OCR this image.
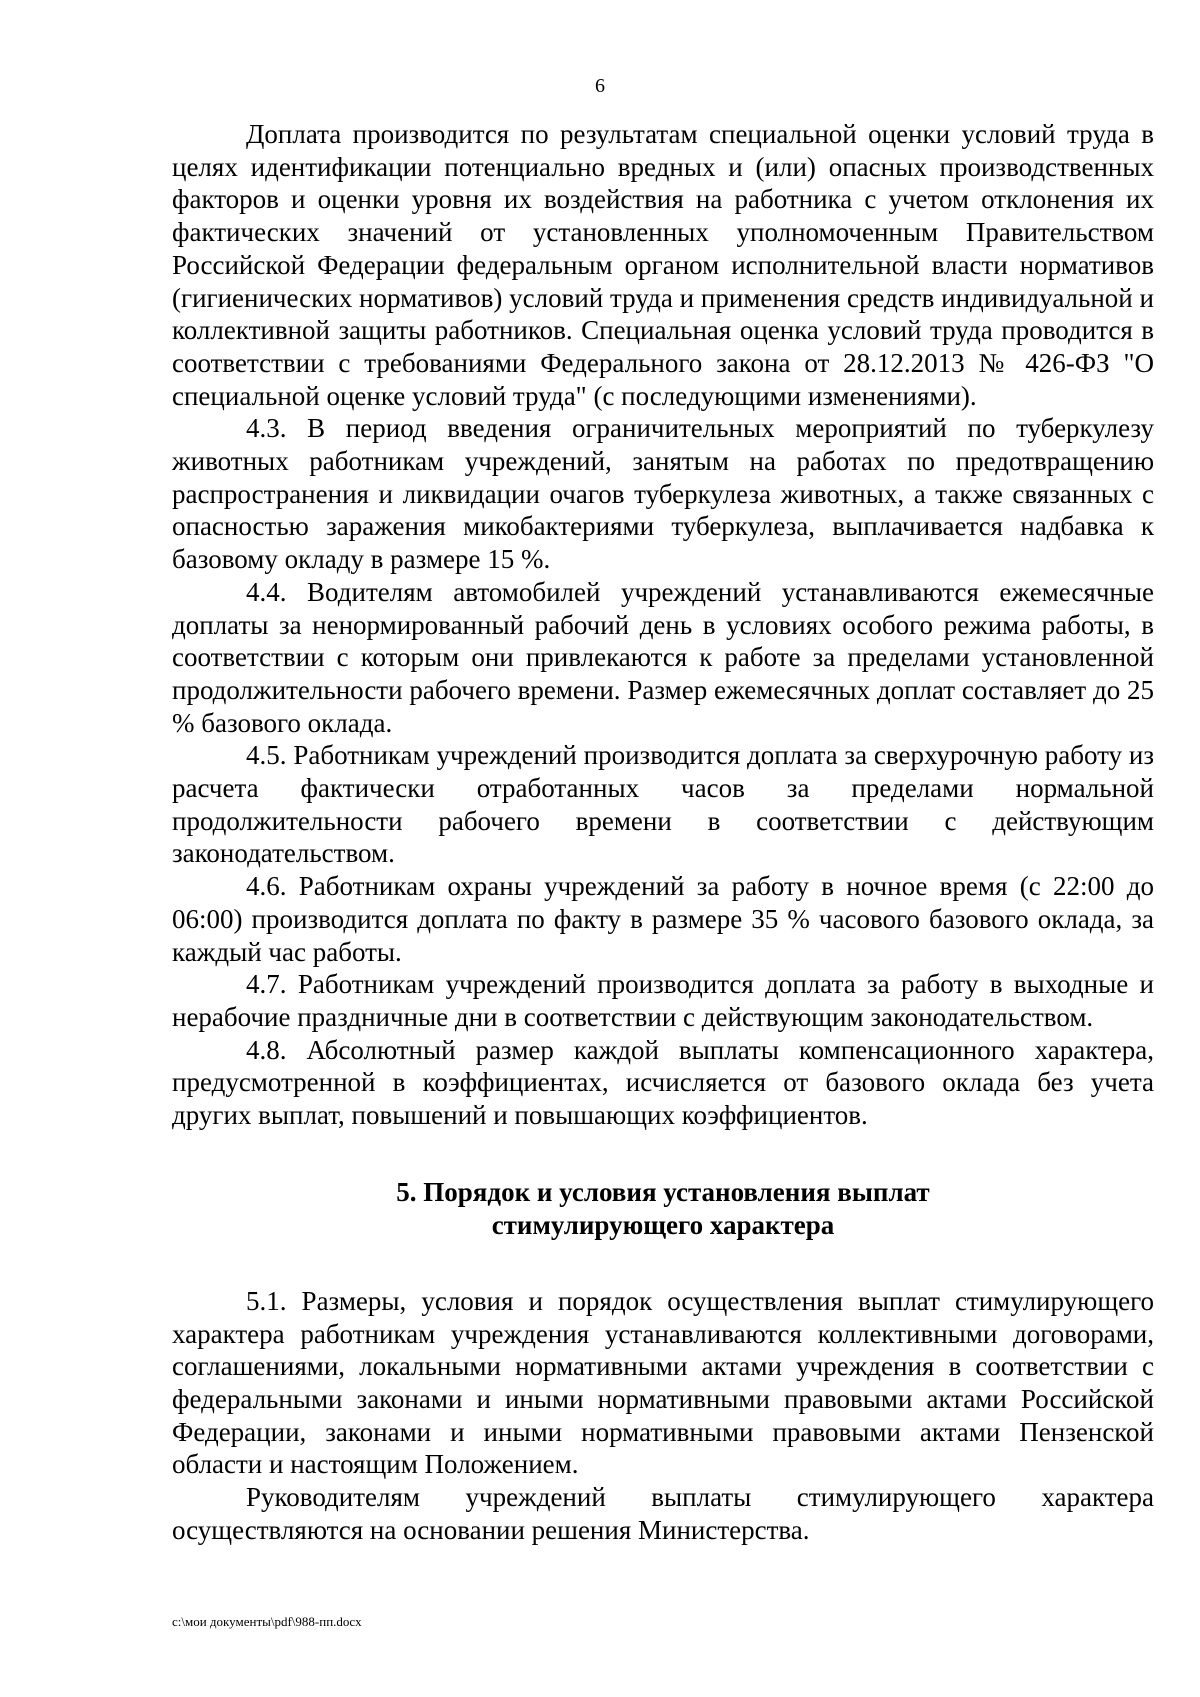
6

Доплата производится по результатам специальной оценки условий труда в целях идентификации потенциально вредных и (или) опасных производственных факторов и оценки уровня их воздействия на работника с учетом отклонения их фактических значений от установленных уполномоченным Правительством Российской Федерации федеральным органом исполнительной власти нормативов (гигиенических нормативов) условий труда и применения средств индивидуальной и коллективной защиты работников. Специальная оценка условий труда проводится в соответствии с требованиями Федерального закона от 28.12.2013 № 426-ФЗ "О специальной оценке условий труда" (с последующими изменениями).

4.3. В период введения ограничительных мероприятий по туберкулезу животных работникам учреждений, занятым на работах по предотвращению распространения и ликвидации очагов туберкулеза животных, а также связанных с опасностью заражения микобактериями туберкулеза, выплачивается надбавка к базовому окладу в размере 15 %.

4.4. Водителям автомобилей учреждений устанавливаются ежемесячные доплаты за ненормированный рабочий день в условиях особого режима работы, в соответствии с которым они привлекаются к работе за пределами установленной продолжительности рабочего времени. Размер ежемесячных доплат составляет до 25 % базового оклада.

4.5. Работникам учреждений производится доплата за сверхурочную работу из расчета фактически отработанных часов за пределами нормальной продолжительности рабочего времени в соответствии с действующим законодательством.

4.6. Работникам охраны учреждений за работу в ночное время (с 22:00 до 06:00) производится доплата по факту в размере 35 % часового базового оклада, за каждый час работы.

4.7. Работникам учреждений производится доплата за работу в выходные и нерабочие праздничные дни в соответствии с действующим законодательством.

4.8. Абсолютный размер каждой выплаты компенсационного характера, предусмотренной в коэффициентах, исчисляется от базового оклада без учета других выплат, повышений и повышающих коэффициентов.

5. Порядок и условия установления выплат
стимулирующего характера

5.1. Размеры, условия и порядок осуществления выплат стимулирующего характера работникам учреждения устанавливаются коллективными договорами, соглашениями, локальными нормативными актами учреждения в соответствии с федеральными законами и иными нормативными правовыми актами Российской Федерации, законами и иными нормативными правовыми актами Пензенской области и настоящим Положением.

Руководителям учреждений выплаты стимулирующего характера осуществляются на основании решения Министерства.

c:\мои документы\pdf\988-пп.docx
